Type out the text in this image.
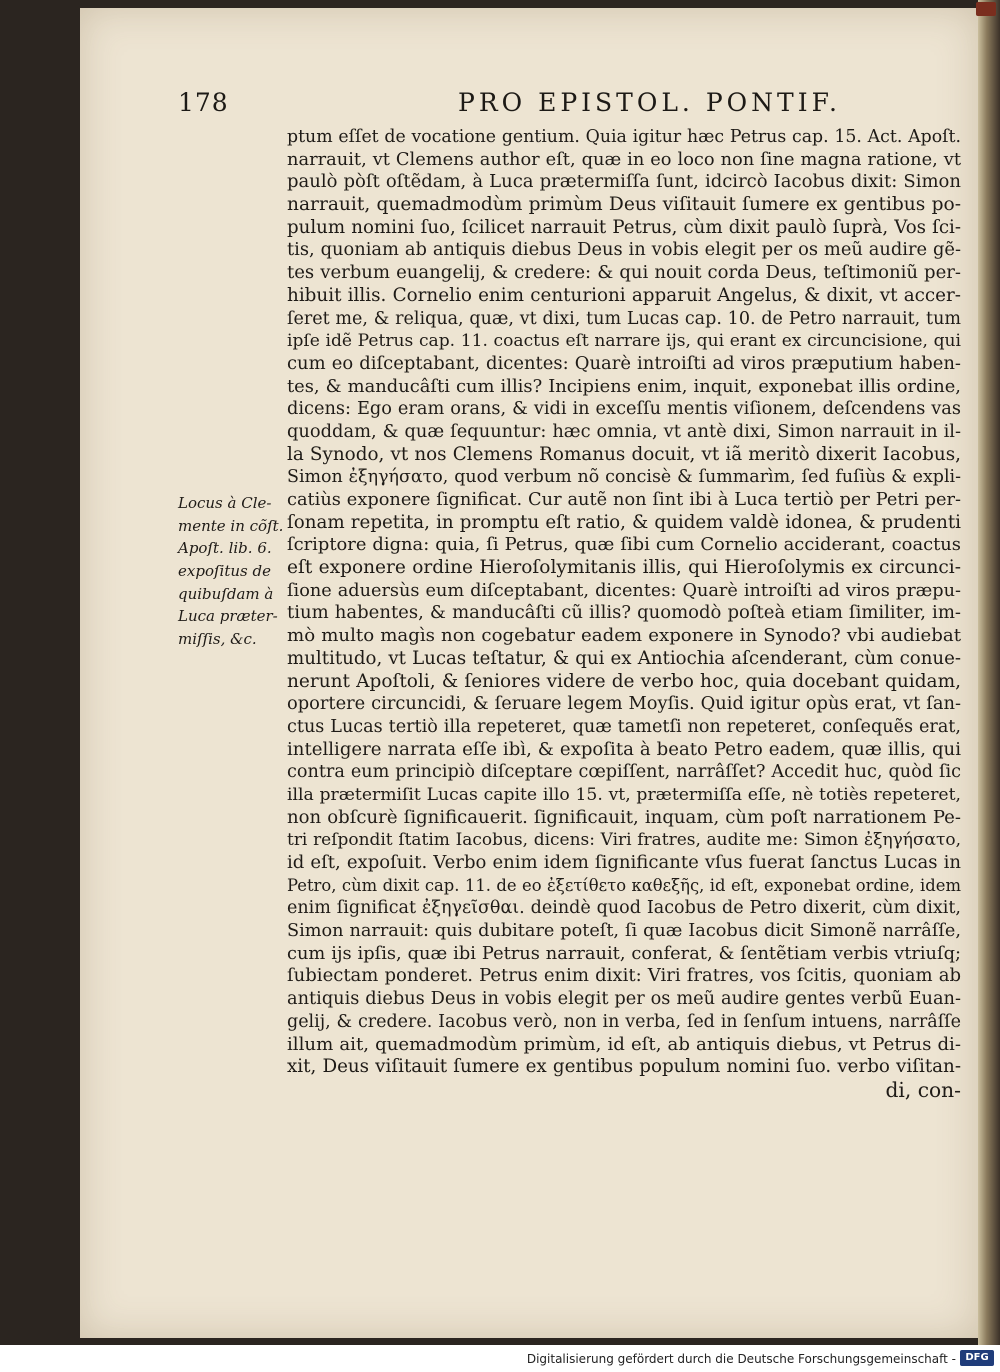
178	PRO EPISTOL. PONTIF.
Locus à Cle-
mente in cõſt.
Apoſt. lib. 6.
expoſitus de
quibuſdam à
Luca præter-
miſſis, &c.
ptum eſſet de vocatione gentium. Quia igitur hæc Petrus cap. 15. Act. Apoſt.
narrauit, vt Clemens author eſt, quæ in eo loco non ſine magna ratione, vt
paulò pòſt oſtẽdam, à Luca prætermiſſa ſunt, idcircò Iacobus dixit: Simon
narrauit, quemadmodùm primùm Deus viſitauit ſumere ex gentibus po-
pulum nomini ſuo, ſcilicet narrauit Petrus, cùm dixit paulò ſuprà, Vos ſci-
tis, quoniam ab antiquis diebus Deus in vobis elegit per os meũ audire gẽ-
tes verbum euangelij, & credere: & qui nouit corda Deus, teſtimoniũ per-
hibuit illis. Cornelio enim centurioni apparuit Angelus, & dixit, vt accer-
ſeret me, & reliqua, quæ, vt dixi, tum Lucas cap. 10. de Petro narrauit, tum
ipſe idẽ Petrus cap. 11. coactus eſt narrare ijs, qui erant ex circuncisione, qui
cum eo diſceptabant, dicentes: Quarè introiſti ad viros præputium haben-
tes, & manducâſti cum illis? Incipiens enim, inquit, exponebat illis ordine,
dicens: Ego eram orans, & vidi in exceſſu mentis viſionem, deſcendens vas
quoddam, & quæ ſequuntur: hæc omnia, vt antè dixi, Simon narrauit in il-
la Synodo, vt nos Clemens Romanus docuit, vt iã meritò dixerit Iacobus,
Simon ἐξηγήσατο, quod verbum nõ concisè & ſummarìm, ſed fuſiùs & expli-
catiùs exponere ſignificat. Cur autẽ non ſint ibi à Luca tertiò per Petri per-
ſonam repetita, in promptu eſt ratio, & quidem valdè idonea, & prudenti
ſcriptore digna: quia, ſi Petrus, quæ ſibi cum Cornelio acciderant, coactus
eſt exponere ordine Hieroſolymitanis illis, qui Hieroſolymis ex circunci-
ſione aduersùs eum diſceptabant, dicentes: Quarè introiſti ad viros præpu-
tium habentes, & manducâſti cũ illis? quomodò poſteà etiam ſimiliter, im-
mò multo magìs non cogebatur eadem exponere in Synodo? vbi audiebat
multitudo, vt Lucas teſtatur, & qui ex Antiochia aſcenderant, cùm conue-
nerunt Apoſtoli, & ſeniores videre de verbo hoc, quia docebant quidam,
oportere circuncidi, & ſeruare legem Moyſis. Quid igitur opùs erat, vt ſan-
ctus Lucas tertiò illa repeteret, quæ tametſi non repeteret, conſequẽs erat,
intelligere narrata eſſe ibì, & expoſita à beato Petro eadem, quæ illis, qui
contra eum principiò diſceptare cœpiſſent, narrâſſet? Accedit huc, quòd ſic
illa prætermiſit Lucas capite illo 15. vt, prætermiſſa eſſe, nè totiès repeteret,
non obſcurè ſignificauerit. ſignificauit, inquam, cùm poſt narrationem Pe-
tri reſpondit ſtatim Iacobus, dicens: Viri fratres, audite me: Simon ἐξηγήσατο,
id eſt, expoſuit. Verbo enim idem ſignificante vſus fuerat ſanctus Lucas in
Petro, cùm dixit cap. 11. de eo ἐξετίθετο καθεξῆς, id eſt, exponebat ordine, idem
enim ſignificat ἐξηγεῖσθαι. deindè quod Iacobus de Petro dixerit, cùm dixit,
Simon narrauit: quis dubitare poteſt, ſi quæ Iacobus dicit Simonẽ narrâſſe,
cum ijs ipſis, quæ ibi Petrus narrauit, conferat, & ſentẽtiam verbis vtriuſq;
ſubiectam ponderet. Petrus enim dixit: Viri fratres, vos ſcitis, quoniam ab
antiquis diebus Deus in vobis elegit per os meũ audire gentes verbũ Euan-
gelij, & credere. Iacobus verò, non in verba, ſed in ſenſum intuens, narrâſſe
illum ait, quemadmodùm primùm, id eſt, ab antiquis diebus, vt Petrus di-
xit, Deus viſitauit ſumere ex gentibus populum nomini ſuo. verbo viſitan-
di, con-
Digitalisierung gefördert durch die Deutsche Forschungsgemeinschaft - DFG
